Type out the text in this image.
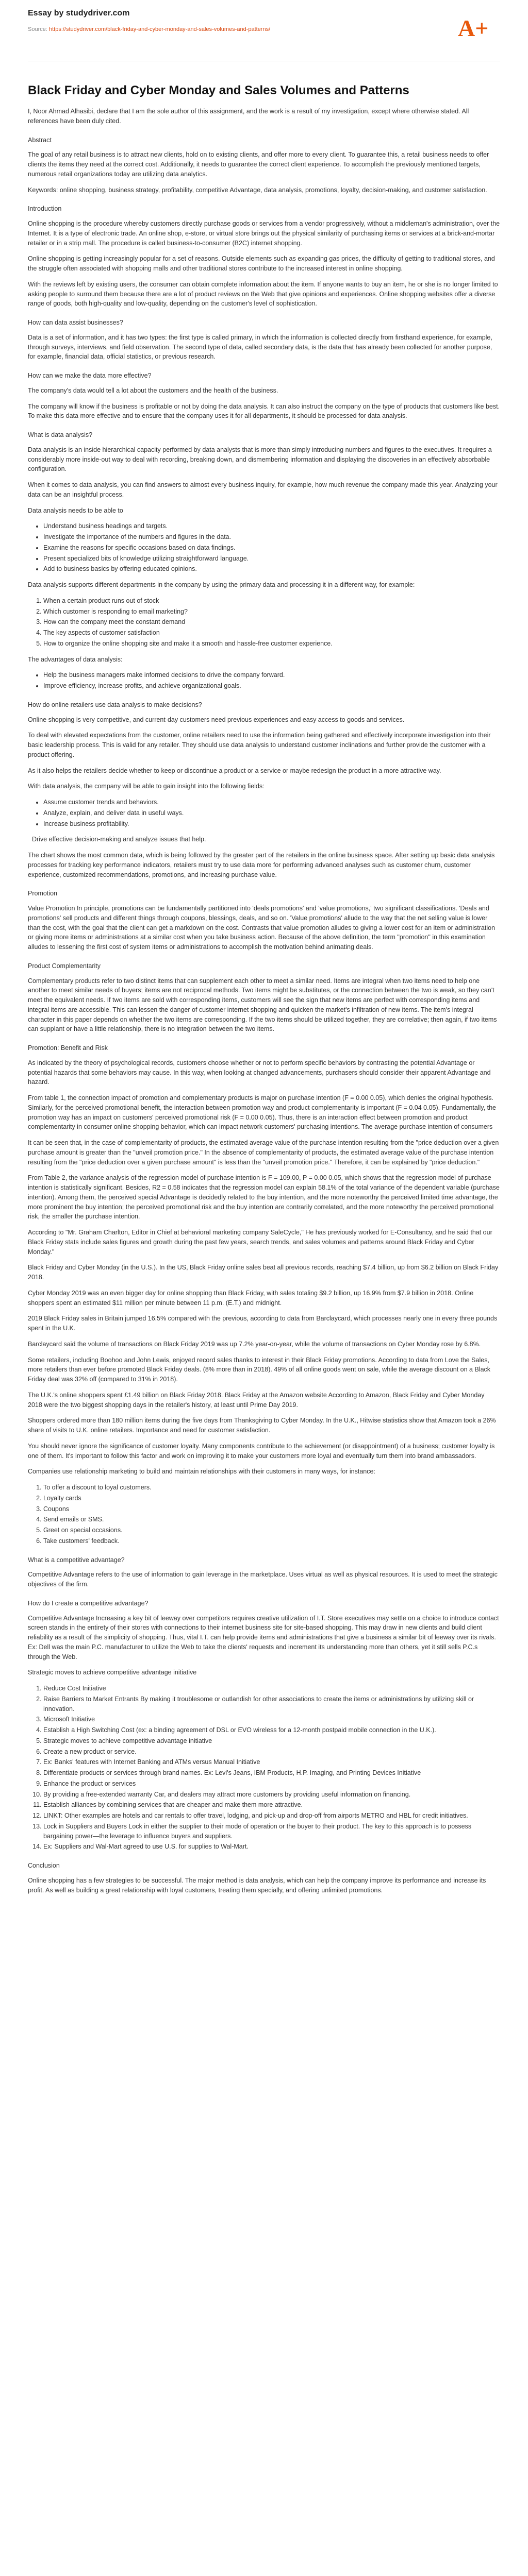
Essay by studydriver.com
Source: https://studydriver.com/black-friday-and-cyber-monday-and-sales-volumes-and-patterns/	A+
Black Friday and Cyber Monday and Sales Volumes and Patterns

I, Noor Ahmad Alhasibi, declare that I am the sole author of this assignment, and the work is a result of my investigation, except where otherwise stated. All references have been duly cited.

Abstract

The goal of any retail business is to attract new clients, hold on to existing clients, and offer more to every client. To guarantee this, a retail business needs to offer clients the items they need at the correct cost. Additionally, it needs to guarantee the correct client experience. To accomplish the previously mentioned targets, numerous retail organizations today are utilizing data analytics.

Keywords: online shopping, business strategy, profitability, competitive Advantage, data analysis, promotions, loyalty, decision-making, and customer satisfaction.

Introduction

Online shopping is the procedure whereby customers directly purchase goods or services from a vendor progressively, without a middleman's administration, over the Internet. It is a type of electronic trade. An online shop, e-store, or virtual store brings out the physical similarity of purchasing items or services at a brick-and-mortar retailer or in a strip mall. The procedure is called business-to-consumer (B2C) internet shopping.

Online shopping is getting increasingly popular for a set of reasons. Outside elements such as expanding gas prices, the difficulty of getting to traditional stores, and the struggle often associated with shopping malls and other traditional stores contribute to the increased interest in online shopping.

With the reviews left by existing users, the consumer can obtain complete information about the item. If anyone wants to buy an item, he or she is no longer limited to asking people to surround them because there are a lot of product reviews on the Web that give opinions and experiences. Online shopping websites offer a diverse range of goods, both high-quality and low-quality, depending on the customer's level of sophistication.

How can data assist businesses?

Data is a set of information, and it has two types: the first type is called primary, in which the information is collected directly from firsthand experience, for example, through surveys, interviews, and field observation. The second type of data, called secondary data, is the data that has already been collected for another purpose, for example, financial data, official statistics, or previous research.

How can we make the data more effective?

The company's data would tell a lot about the customers and the health of the business.

The company will know if the business is profitable or not by doing the data analysis. It can also instruct the company on the type of products that customers like best. To make this data more effective and to ensure that the company uses it for all departments, it should be processed for data analysis.

What is data analysis?

Data analysis is an inside hierarchical capacity performed by data analysts that is more than simply introducing numbers and figures to the executives. It requires a considerably more inside-out way to deal with recording, breaking down, and dismembering information and displaying the discoveries in an effectively absorbable configuration.

When it comes to data analysis, you can find answers to almost every business inquiry, for example, how much revenue the company made this year. Analyzing your data can be an insightful process.

Data analysis needs to be able to

• Understand business headings and targets.
• Investigate the importance of the numbers and figures in the data.
• Examine the reasons for specific occasions based on data findings.
• Present specialized bits of knowledge utilizing straightforward language.
• Add to business basics by offering educated opinions.

Data analysis supports different departments in the company by using the primary data and processing it in a different way, for example:

1. When a certain product runs out of stock
2. Which customer is responding to email marketing?
3. How can the company meet the constant demand
4. The key aspects of customer satisfaction
5. How to organize the online shopping site and make it a smooth and hassle-free customer experience.

The advantages of data analysis:

• Help the business managers make informed decisions to drive the company forward.
• Improve efficiency, increase profits, and achieve organizational goals.

How do online retailers use data analysis to make decisions?

Online shopping is very competitive, and current-day customers need previous experiences and easy access to goods and services.

To deal with elevated expectations from the customer, online retailers need to use the information being gathered and effectively incorporate investigation into their basic leadership process. This is valid for any retailer. They should use data analysis to understand customer inclinations and further provide the customer with a product offering.

As it also helps the retailers decide whether to keep or discontinue a product or a service or maybe redesign the product in a more attractive way.

With data analysis, the company will be able to gain insight into the following fields:

• Assume customer trends and behaviors.
• Analyze, explain, and deliver data in useful ways.
• Increase business profitability.

Drive effective decision-making and analyze issues that help.

The chart shows the most common data, which is being followed by the greater part of the retailers in the online business space. After setting up basic data analysis processes for tracking key performance indicators, retailers must try to use data more for performing advanced analyses such as customer churn, customer experience, customized recommendations, promotions, and increasing purchase value.

Promotion

Value Promotion In principle, promotions can be fundamentally partitioned into 'deals promotions' and 'value promotions,' two significant classifications. 'Deals and promotions' sell products and different things through coupons, blessings, deals, and so on. 'Value promotions' allude to the way that the net selling value is lower than the cost, with the goal that the client can get a markdown on the cost. Contrasts that value promotion alludes to giving a lower cost for an item or administration or giving more items or administrations at a similar cost when you take business action. Because of the above definition, the term "promotion" in this examination alludes to lessening the first cost of system items or administrations to accomplish the motivation behind animating deals.

Product Complementarity

Complementary products refer to two distinct items that can supplement each other to meet a similar need. Items are integral when two items need to help one another to meet similar needs of buyers; items are not reciprocal methods. Two items might be substitutes, or the connection between the two is weak, so they can't meet the equivalent needs. If two items are sold with corresponding items, customers will see the sign that new items are perfect with corresponding items and integral items are accessible. This can lessen the danger of customer internet shopping and quicken the market's infiltration of new items. The item's integral character in this paper depends on whether the two items are corresponding. If the two items should be utilized together, they are correlative; then again, if two items can supplant or have a little relationship, there is no integration between the two items.

Promotion: Benefit and Risk

As indicated by the theory of psychological records, customers choose whether or not to perform specific behaviors by contrasting the potential Advantage or potential hazards that some behaviors may cause. In this way, when looking at changed advancements, purchasers should consider their apparent Advantage and hazard.

From table 1, the connection impact of promotion and complementary products is major on purchase intention (F = 0.00 0.05), which denies the original hypothesis. Similarly, for the perceived promotional benefit, the interaction between promotion way and product complementarity is important (F = 0.04 0.05). Fundamentally, the promotion way has an impact on customers' perceived promotional risk (F = 0.00 0.05). Thus, there is an interaction effect between promotion and product complementarity in consumer online shopping behavior, which can impact network customers' purchasing intentions. The average purchase intention of consumers

It can be seen that, in the case of complementarity of products, the estimated average value of the purchase intention resulting from the "price deduction over a given purchase amount is greater than the "unveil promotion price." In the absence of complementarity of products, the estimated average value of the purchase intention resulting from the "price deduction over a given purchase amount" is less than the "unveil promotion price." Therefore, it can be explained by "price deduction."

From Table 2, the variance analysis of the regression model of purchase intention is F = 109.00, P = 0.00 0.05, which shows that the regression model of purchase intention is statistically significant. Besides, R2 = 0.58 indicates that the regression model can explain 58.1% of the total variance of the dependent variable (purchase intention). Among them, the perceived special Advantage is decidedly related to the buy intention, and the more noteworthy the perceived limited time advantage, the more prominent the buy intention; the perceived promotional risk and the buy intention are contrarily correlated, and the more noteworthy the perceived promotional risk, the smaller the purchase intention.

According to "Mr. Graham Charlton, Editor in Chief at behavioral marketing company SaleCycle," He has previously worked for E-Consultancy, and he said that our Black Friday stats include sales figures and growth during the past few years, search trends, and sales volumes and patterns around Black Friday and Cyber Monday."

Black Friday and Cyber Monday (in the U.S.). In the US, Black Friday online sales beat all previous records, reaching $7.4 billion, up from $6.2 billion on Black Friday 2018.

Cyber Monday 2019 was an even bigger day for online shopping than Black Friday, with sales totaling $9.2 billion, up 16.9% from $7.9 billion in 2018. Online shoppers spent an estimated $11 million per minute between 11 p.m. (E.T.) and midnight.

2019 Black Friday sales in Britain jumped 16.5% compared with the previous, according to data from Barclaycard, which processes nearly one in every three pounds spent in the U.K.

Barclaycard said the volume of transactions on Black Friday 2019 was up 7.2% year-on-year, while the volume of transactions on Cyber Monday rose by 6.8%.

Some retailers, including Boohoo and John Lewis, enjoyed record sales thanks to interest in their Black Friday promotions. According to data from Love the Sales, more retailers than ever before promoted Black Friday deals. (8% more than in 2018). 49% of all online goods went on sale, while the average discount on a Black Friday deal was 32% off (compared to 31% in 2018).

The U.K.'s online shoppers spent £1.49 billion on Black Friday 2018. Black Friday at the Amazon website According to Amazon, Black Friday and Cyber Monday 2018 were the two biggest shopping days in the retailer's history, at least until Prime Day 2019.

Shoppers ordered more than 180 million items during the five days from Thanksgiving to Cyber Monday. In the U.K., Hitwise statistics show that Amazon took a 26% share of visits to U.K. online retailers. Importance and need for customer satisfaction.

You should never ignore the significance of customer loyalty. Many components contribute to the achievement (or disappointment) of a business; customer loyalty is one of them. It's important to follow this factor and work on improving it to make your customers more loyal and eventually turn them into brand ambassadors.

Companies use relationship marketing to build and maintain relationships with their customers in many ways, for instance:

1. To offer a discount to loyal customers.
2. Loyalty cards
3. Coupons
4. Send emails or SMS.
5. Greet on special occasions.
6. Take customers' feedback.

What is a competitive advantage?

Competitive Advantage refers to the use of information to gain leverage in the marketplace. Uses virtual as well as physical resources. It is used to meet the strategic objectives of the firm.

How do I create a competitive advantage?

Competitive Advantage Increasing a key bit of leeway over competitors requires creative utilization of I.T. Store executives may settle on a choice to introduce contact screen stands in the entirety of their stores with connections to their internet business site for site-based shopping. This may draw in new clients and build client reliability as a result of the simplicity of shopping. Thus, vital I.T. can help provide items and administrations that give a business a similar bit of leeway over its rivals. Ex: Dell was the main P.C. manufacturer to utilize the Web to take the clients' requests and increment its understanding more than others, yet it still sells P.C.s through the Web.

Strategic moves to achieve competitive advantage initiative

1. Reduce Cost Initiative
2. Raise Barriers to Market Entrants By making it troublesome or outlandish for other associations to create the items or administrations by utilizing skill or innovation.
3. Microsoft Initiative
4. Establish a High Switching Cost (ex: a binding agreement of DSL or EVO wireless for a 12-month postpaid mobile connection in the U.K.).
5. Strategic moves to achieve competitive advantage initiative
6. Create a new product or service.
7. Ex: Banks' features with Internet Banking and ATMs versus Manual Initiative
8. Differentiate products or services through brand names. Ex: Levi's Jeans, IBM Products, H.P. Imaging, and Printing Devices Initiative
9. Enhance the product or services
10. By providing a free-extended warranty Car, and dealers may attract more customers by providing useful information on financing.
11. Establish alliances by combining services that are cheaper and make them more attractive.
12. LINKT: Other examples are hotels and car rentals to offer travel, lodging, and pick-up and drop-off from airports METRO and HBL for credit initiatives.
13. Lock in Suppliers and Buyers Lock in either the supplier to their mode of operation or the buyer to their product. The key to this approach is to possess bargaining power—the leverage to influence buyers and suppliers.
14. Ex: Suppliers and Wal-Mart agreed to use U.S. for supplies to Wal-Mart.

Conclusion

Online shopping has a few strategies to be successful. The major method is data analysis, which can help the company improve its performance and increase its profit. As well as building a great relationship with loyal customers, treating them specially, and offering unlimited promotions.
